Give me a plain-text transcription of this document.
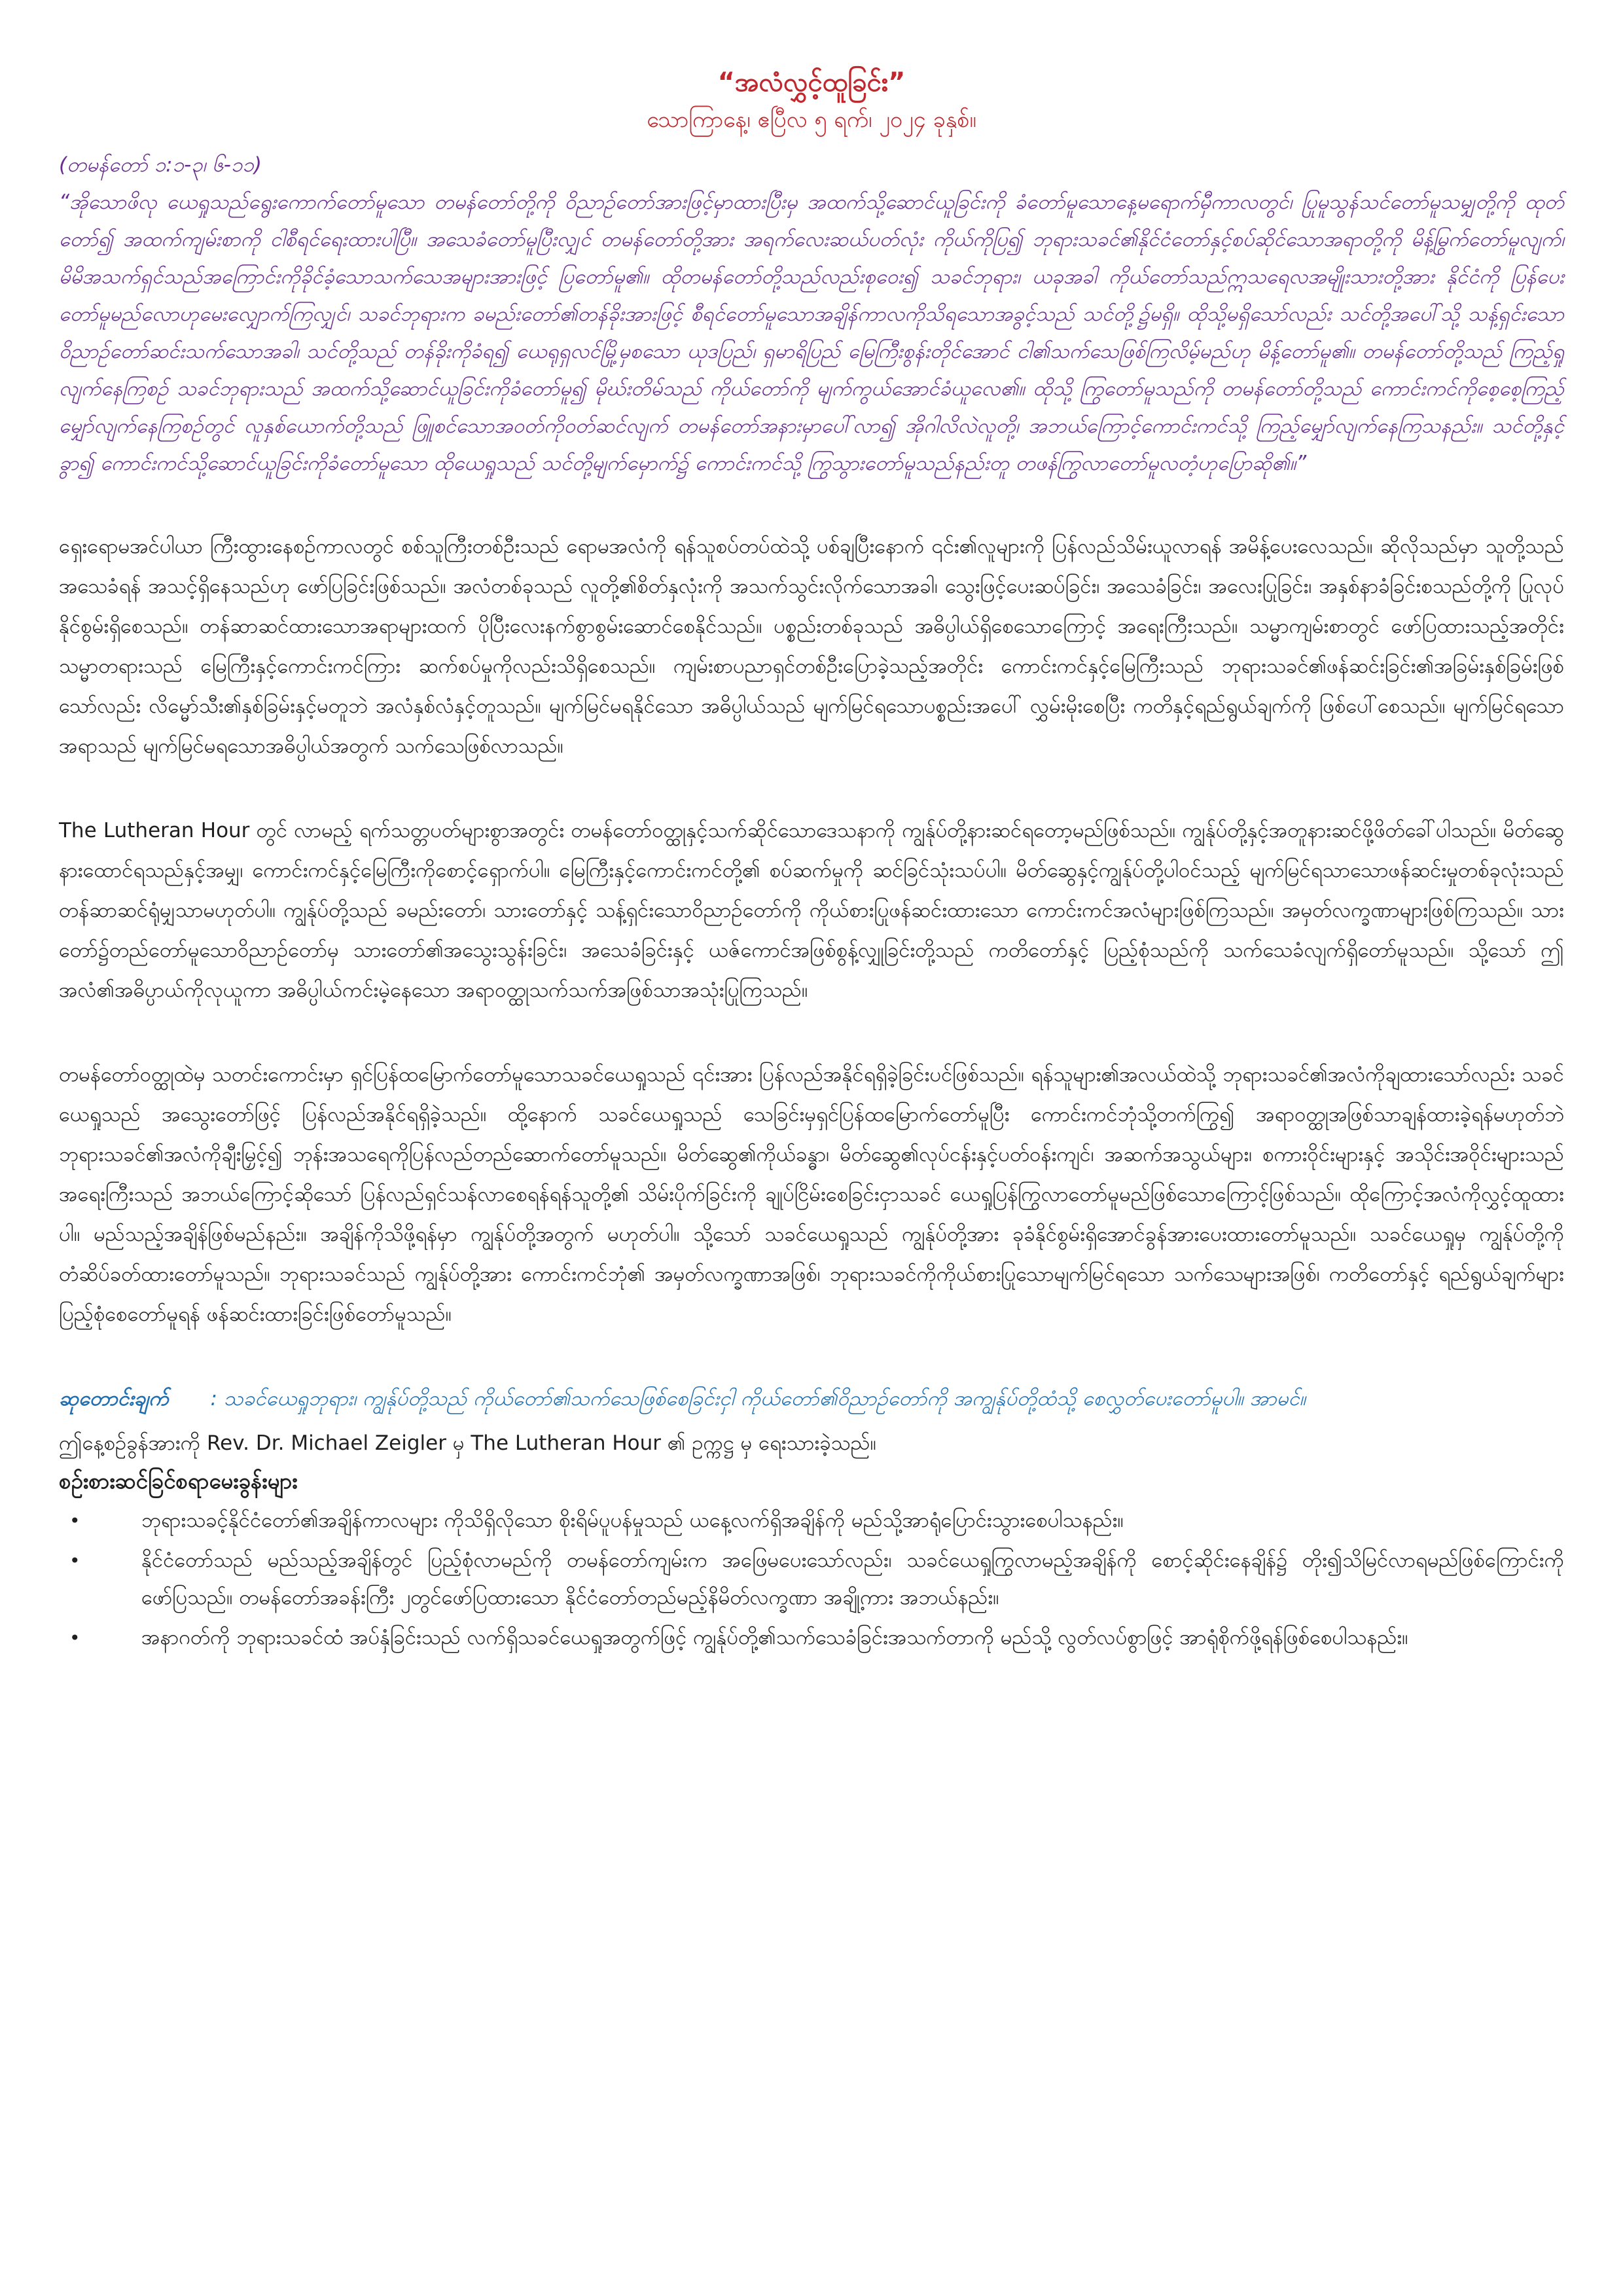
“အလံလွှင့်ထူခြင်း”
သောကြာနေ့၊ ဧပြီလ ၅ ရက်၊ ၂၀၂၄ ခုနှစ်။
(တမန်တော် ၁:၁-၃၊ ၆-၁၁)
“အိုသောဖိလု ယေရှုသည်ရွေးကောက်တော်မူသော တမန်တော်တို့ကို ဝိညာဉ်တော်အားဖြင့်မှာထားပြီးမှ အထက်သို့ဆောင်ယူခြင်းကို ခံတော်မူသောနေ့မရောက်မှီကာလတွင်၊ ပြုမူသွန်သင်တော်မူသမျှတို့ကို ထုတ်တော်၍ အထက်ကျမ်းစာကို ငါစီရင်ရေးထားပါပြီ။ အသေခံတော်မူပြီးလျှင် တမန်တော်တို့အား အရက်လေးဆယ်ပတ်လုံး ကိုယ်ကိုပြ၍ ဘုရားသခင်၏နိုင်ငံတော်နှင့်စပ်ဆိုင်သောအရာတို့ကို မိန့်မြွက်တော်မူလျက်၊ မိမိအသက်ရှင်သည်အကြောင်းကိုခိုင်ခံ့သောသက်သေအများအားဖြင့် ပြတော်မူ၏။ ထိုတမန်တော်တို့သည်လည်းစုဝေး၍ သခင်ဘုရား၊ ယခုအခါ ကိုယ်တော်သည်ဣသရေလအမျိုးသားတို့အား နိုင်ငံကို ပြန်ပေးတော်မူမည်လောဟုမေးလျှောက်ကြလျှင်၊ သခင်ဘုရားက ခမည်းတော်၏တန်ခိုးအားဖြင့် စီရင်တော်မူသောအချိန်ကာလကိုသိရသောအခွင့်သည် သင်တို့၌မရှိ။ ထိုသို့မရှိသော်လည်း သင်တို့အပေါ်သို့ သန့်ရှင်းသောဝိညာဉ်တော်ဆင်းသက်သောအခါ၊ သင်တို့သည် တန်ခိုးကိုခံရ၍ ယေရုရှလင်မြို့မှစသော ယုဒပြည်၊ ရှမာရိပြည် မြေကြီးစွန်းတိုင်အောင် ငါ၏သက်သေဖြစ်ကြလိမ့်မည်ဟု မိန့်တော်မူ၏။ တမန်တော်တို့သည် ကြည့်ရှုလျက်နေကြစဉ် သခင်ဘုရားသည် အထက်သို့ဆောင်ယူခြင်းကိုခံတော်မူ၍ မိုဃ်းတိမ်သည် ကိုယ်တော်ကို မျက်ကွယ်အောင်ခံယူလေ၏။ ထိုသို့ ကြွတော်မူသည်ကို တမန်တော်တို့သည် ကောင်းကင်ကိုစေ့စေ့ကြည့်မျှော်လျက်နေကြစဉ်တွင် လူနှစ်ယောက်တို့သည် ဖြူစင်သောအဝတ်ကိုဝတ်ဆင်လျက် တမန်တော်အနားမှာပေါ်လာ၍ အိုဂါလိလဲလူတို့၊ အဘယ်ကြောင့်ကောင်းကင်သို့ ကြည့်မျှော်လျက်နေကြသနည်း။ သင်တို့နှင့်ခွာ၍ ကောင်းကင်သို့ဆောင်ယူခြင်းကိုခံတော်မူသော ထိုယေရှုသည် သင်တို့မျက်မှောက်၌ ကောင်းကင်သို့ ကြွသွားတော်မူသည်နည်းတူ တဖန်ကြွလာတော်မူလတံ့ဟုပြောဆို၏။”

ရှေးရောမအင်ပါယာ ကြီးထွားနေစဉ်ကာလတွင် စစ်သူကြီးတစ်ဦးသည် ရောမအလံကို ရန်သူစပ်တပ်ထဲသို့ ပစ်ချပြီးနောက် ၎င်း၏လူများကို ပြန်လည်သိမ်းယူလာရန် အမိန့်ပေးလေသည်။ ဆိုလိုသည်မှာ သူတို့သည်အသေခံရန် အသင့်ရှိနေသည်ဟု ဖော်ပြခြင်းဖြစ်သည်။ အလံတစ်ခုသည် လူတို့၏စိတ်နှလုံးကို အသက်သွင်းလိုက်သောအခါ၊ သွေးဖြင့်ပေးဆပ်ခြင်း၊ အသေခံခြင်း၊ အလေးပြုခြင်း၊ အနှစ်နာခံခြင်းစသည်တို့ကို ပြုလုပ်နိုင်စွမ်းရှိစေသည်။ တန်ဆာဆင်ထားသောအရာများထက် ပိုပြီးလေးနက်စွာစွမ်းဆောင်စေနိုင်သည်။ ပစ္စည်းတစ်ခုသည် အဓိပ္ပါယ်ရှိစေသောကြောင့် အရေးကြီးသည်။ သမ္မာကျမ်းစာတွင် ဖော်ပြထားသည့်အတိုင်း သမ္မာတရားသည် မြေကြီးနှင့်ကောင်းကင်ကြား ဆက်စပ်မှုကိုလည်းသိရှိစေသည်။ ကျမ်းစာပညာရှင်တစ်ဦးပြောခဲ့သည့်အတိုင်း ကောင်းကင်နှင့်မြေကြီးသည် ဘုရားသခင်၏ဖန်ဆင်းခြင်း၏အခြမ်းနှစ်ခြမ်းဖြစ်သော်လည်း လိမ္မော်သီး၏နှစ်ခြမ်းနှင့်မတူဘဲ အလံနှစ်လံနှင့်တူသည်။ မျက်မြင်မရနိုင်သော အဓိပ္ပါယ်သည် မျက်မြင်ရသောပစ္စည်းအပေါ် လွှမ်းမိုးစေပြီး ကတိနှင့်ရည်ရွယ်ချက်ကို ဖြစ်ပေါ်စေသည်။ မျက်မြင်ရသောအရာသည် မျက်မြင်မရသောအဓိပ္ပါယ်အတွက် သက်သေဖြစ်လာသည်။

The Lutheran Hour တွင် လာမည့် ရက်သတ္တပတ်များစွာအတွင်း တမန်တော်ဝတ္ထုနှင့်သက်ဆိုင်သောဒေသနာကို ကျွန်ုပ်တို့နားဆင်ရတော့မည်ဖြစ်သည်။ ကျွန်ုပ်တို့နှင့်အတူနားဆင်ဖို့ဖိတ်ခေါ်ပါသည်။ မိတ်ဆွေနားထောင်ရသည်နှင့်အမျှ၊ ကောင်းကင်နှင့်မြေကြီးကိုစောင့်ရှောက်ပါ။ မြေကြီးနှင့်ကောင်းကင်တို့၏ စပ်ဆက်မှုကို ဆင်ခြင်သုံးသပ်ပါ။ မိတ်ဆွေနှင့်ကျွန်ုပ်တို့ပါဝင်သည့် မျက်မြင်ရသာသောဖန်ဆင်းမှုတစ်ခုလုံးသည် တန်ဆာဆင်ရုံမျှသာမဟုတ်ပါ။ ကျွန်ုပ်တို့သည် ခမည်းတော်၊ သားတော်နှင့် သန့်ရှင်းသောဝိညာဉ်တော်ကို ကိုယ်စားပြုဖန်ဆင်းထားသော ကောင်းကင်အလံများဖြစ်ကြသည်။ အမှတ်လက္ခဏာများဖြစ်ကြသည်။ သားတော်၌တည်တော်မူသောဝိညာဉ်တော်မှ သားတော်၏အသွေးသွန်းခြင်း၊ အသေခံခြင်းနှင့် ယဇ်ကောင်အဖြစ်စွန့်လျှုခြင်းတို့သည် ကတိတော်နှင့် ပြည့်စုံသည်ကို သက်သေခံလျက်ရှိတော်မူသည်။ သို့သော် ဤအလံ၏အဓိပ္ပာယ်ကိုလုယူကာ အဓိပ္ပါယ်ကင်းမဲ့နေသော အရာဝတ္ထုသက်သက်အဖြစ်သာအသုံးပြုကြသည်။

တမန်တော်ဝတ္ထုထဲမှ သတင်းကောင်းမှာ ရှင်ပြန်ထမြောက်တော်မူသောသခင်ယေရှုသည် ၎င်းအား ပြန်လည်အနိုင်ရရှိခဲ့ခြင်းပင်ဖြစ်သည်။ ရန်သူများ၏အလယ်ထဲသို့ ဘုရားသခင်၏အလံကိုချထားသော်လည်း သခင်ယေရှုသည် အသွေးတော်ဖြင့် ပြန်လည်အနိုင်ရရှိခဲ့သည်။ ထို့နောက် သခင်ယေရှုသည် သေခြင်းမှရှင်ပြန်ထမြောက်တော်မူပြီး ကောင်းကင်ဘုံသို့တက်ကြွ၍ အရာဝတ္ထုအဖြစ်သာချန်ထားခဲ့ရန်မဟုတ်ဘဲ ဘုရားသခင်၏အလံကိုချီးမြှင့်၍ ဘုန်းအသရေကိုပြန်လည်တည်ဆောက်တော်မူသည်။ မိတ်ဆွေ၏ကိုယ်ခန္ဓာ၊ မိတ်ဆွေ၏လုပ်ငန်းနှင့်ပတ်ဝန်းကျင်၊ အဆက်အသွယ်များ၊ စကားဝိုင်းများနှင့် အသိုင်းအဝိုင်းများသည် အရေးကြီးသည် အဘယ်ကြောင့်ဆိုသော် ပြန်လည်ရှင်သန်လာစေရန်ရန်သူတို့၏ သိမ်းပိုက်ခြင်းကို ချုပ်ငြိမ်းစေခြင်းငှာသခင် ယေရှုပြန်ကြွလာတော်မူမည်ဖြစ်သောကြောင့်ဖြစ်သည်။ ထိုကြောင့်အလံကိုလွှင့်ထူထားပါ။ မည်သည့်အချိန်ဖြစ်မည်နည်း။ အချိန်ကိုသိဖို့ရန်မှာ ကျွန်ုပ်တို့အတွက် မဟုတ်ပါ။ သို့သော် သခင်ယေရှုသည် ကျွန်ုပ်တို့အား ခုခံနိုင်စွမ်းရှိအောင်ခွန်အားပေးထားတော်မူသည်။ သခင်ယေရှုမှ ကျွန်ုပ်တို့ကို တံဆိပ်ခတ်ထားတော်မူသည်။ ဘုရားသခင်သည် ကျွန်ုပ်တို့အား ကောင်းကင်ဘုံ၏ အမှတ်လက္ခဏာအဖြစ်၊ ဘုရားသခင်ကိုကိုယ်စားပြုသောမျက်မြင်ရသော သက်သေများအဖြစ်၊ ကတိတော်နှင့် ရည်ရွယ်ချက်များပြည့်စုံစေတော်မူရန် ဖန်ဆင်းထားခြင်းဖြစ်တော်မူသည်။

ဆုတောင်းချက် : သခင်ယေရှုဘုရား၊ ကျွန်ုပ်တို့သည် ကိုယ်တော်၏သက်သေဖြစ်စေခြင်းငှါ ကိုယ်တော်၏ဝိညာဉ်တော်ကို အကျွန်ုပ်တို့ထံသို့ စေလွှတ်ပေးတော်မူပါ။ အာမင်။
ဤနေ့စဉ်ခွန်အားကို Rev. Dr. Michael Zeigler မှ The Lutheran Hour ၏ ဥက္ကဋ္ဌ မှ ရေးသားခဲ့သည်။
စဉ်းစားဆင်ခြင်စရာမေးခွန်းများ
•	ဘုရားသခင့်နိုင်ငံတော်၏အချိန်ကာလများ ကိုသိရှိလိုသော စိုးရိမ်ပူပန်မှုသည် ယနေ့လက်ရှိအချိန်ကို မည်သို့အာရုံပြောင်းသွားစေပါသနည်း။
•	နိုင်ငံတော်သည် မည်သည့်အချိန်တွင် ပြည့်စုံလာမည်ကို တမန်တော်ကျမ်းက အဖြေမပေးသော်လည်း၊ သခင်ယေရှုကြွလာမည့်အချိန်ကို စောင့်ဆိုင်းနေချိန်၌ တိုး၍သိမြင်လာရမည်ဖြစ်ကြောင်းကို ဖော်ပြသည်။ တမန်တော်အခန်းကြီး ၂တွင်ဖော်ပြထားသော နိုင်ငံတော်တည်မည့်နိမိတ်လက္ခဏာ အချို့ကား အဘယ်နည်း။
•	အနာဂတ်ကို ဘုရားသခင်ထံ အပ်နှံခြင်းသည် လက်ရှိသခင်ယေရှုအတွက်ဖြင့် ကျွန်ုပ်တို့၏သက်သေခံခြင်းအသက်တာကို မည်သို့ လွတ်လပ်စွာဖြင့် အာရုံစိုက်ဖို့ရန်ဖြစ်စေပါသနည်း။
